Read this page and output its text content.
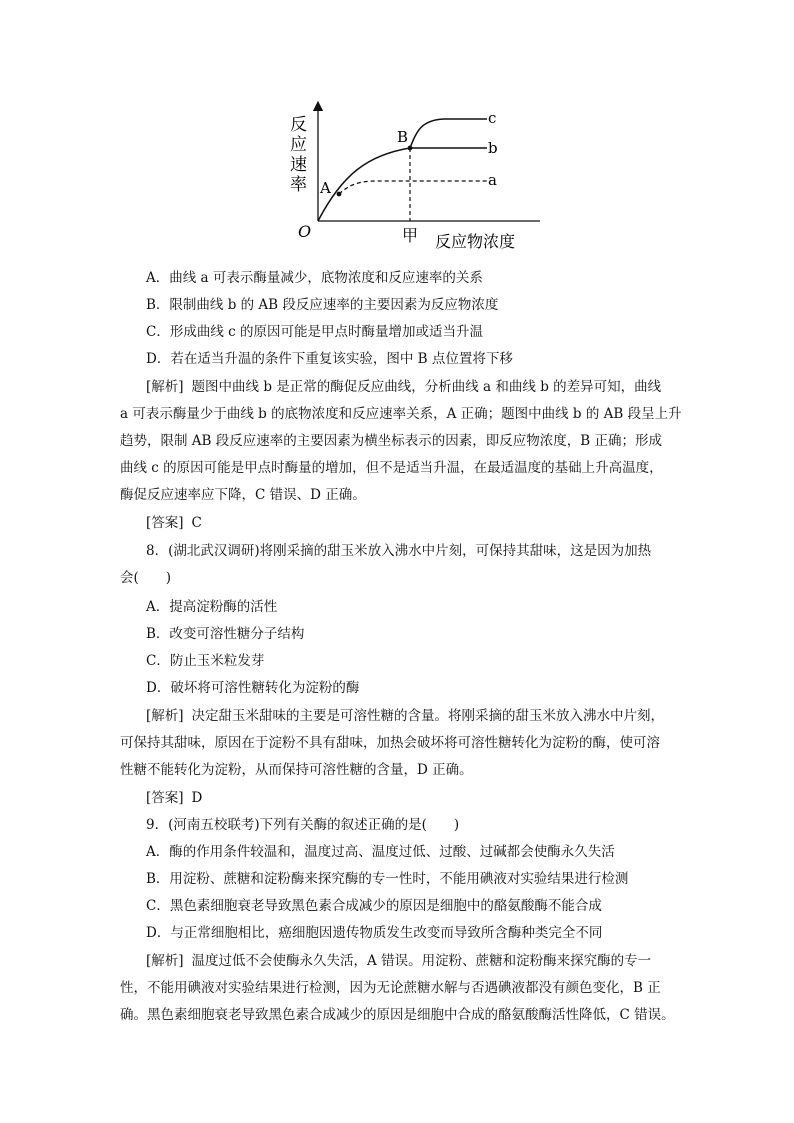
反
应
速
率
O
A
B
c
b
a
甲 反应物浓度
A．曲线 a 可表示酶量减少，底物浓度和反应速率的关系
B．限制曲线 b 的 AB 段反应速率的主要因素为反应物浓度
C．形成曲线 c 的原因可能是甲点时酶量增加或适当升温
D．若在适当升温的条件下重复该实验，图中 B 点位置将下移
[解析] 题图中曲线 b 是正常的酶促反应曲线，分析曲线 a 和曲线 b 的差异可知，曲线
a 可表示酶量少于曲线 b 的底物浓度和反应速率关系，A 正确；题图中曲线 b 的 AB 段呈上升
趋势，限制 AB 段反应速率的主要因素为横坐标表示的因素，即反应物浓度，B 正确；形成
曲线 c 的原因可能是甲点时酶量的增加，但不是适当升温，在最适温度的基础上升高温度，
酶促反应速率应下降，C 错误、D 正确。
[答案] C
8．(湖北武汉调研)将刚采摘的甜玉米放入沸水中片刻，可保持其甜味，这是因为加热
会(　　)
A．提高淀粉酶的活性
B．改变可溶性糖分子结构
C．防止玉米粒发芽
D．破坏将可溶性糖转化为淀粉的酶
[解析] 决定甜玉米甜味的主要是可溶性糖的含量。将刚采摘的甜玉米放入沸水中片刻，
可保持其甜味，原因在于淀粉不具有甜味，加热会破坏将可溶性糖转化为淀粉的酶，使可溶
性糖不能转化为淀粉，从而保持可溶性糖的含量，D 正确。
[答案] D
9．(河南五校联考)下列有关酶的叙述正确的是(　　)
A．酶的作用条件较温和，温度过高、温度过低、过酸、过碱都会使酶永久失活
B．用淀粉、蔗糖和淀粉酶来探究酶的专一性时，不能用碘液对实验结果进行检测
C．黑色素细胞衰老导致黑色素合成减少的原因是细胞中的酪氨酸酶不能合成
D．与正常细胞相比，癌细胞因遗传物质发生改变而导致所含酶种类完全不同
[解析] 温度过低不会使酶永久失活，A 错误。用淀粉、蔗糖和淀粉酶来探究酶的专一
性，不能用碘液对实验结果进行检测，因为无论蔗糖水解与否遇碘液都没有颜色变化，B 正
确。黑色素细胞衰老导致黑色素合成减少的原因是细胞中合成的酪氨酸酶活性降低，C 错误。
